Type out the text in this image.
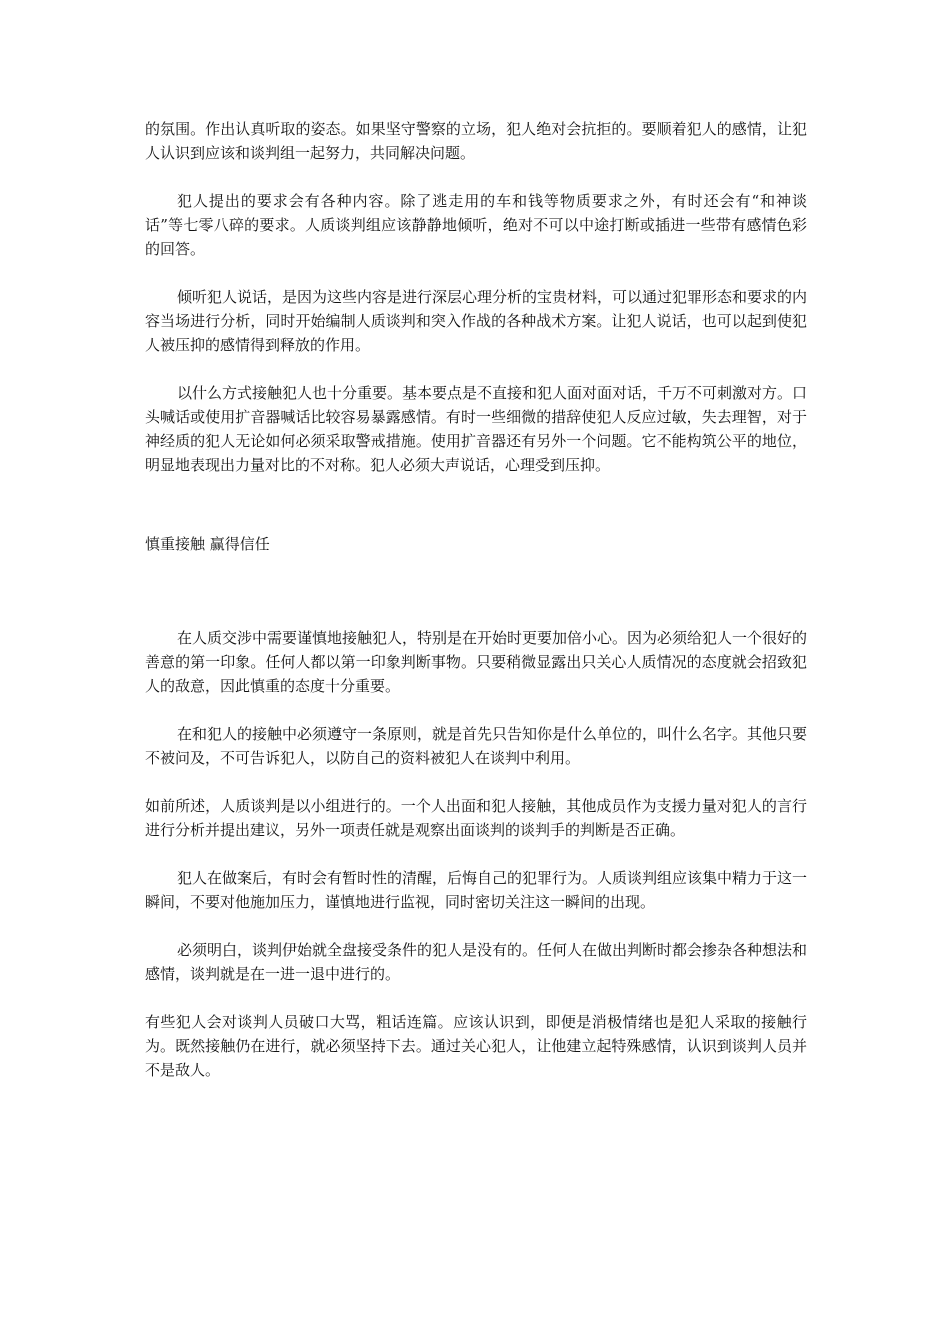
的氛围。作出认真听取的姿态。如果坚守警察的立场，犯人绝对会抗拒的。要顺着犯人的感情，让犯人认识到应该和谈判组一起努力，共同解决问题。

犯人提出的要求会有各种内容。除了逃走用的车和钱等物质要求之外，有时还会有“和神谈话”等七零八碎的要求。人质谈判组应该静静地倾听，绝对不可以中途打断或插进一些带有感情色彩的回答。

倾听犯人说话，是因为这些内容是进行深层心理分析的宝贵材料，可以通过犯罪形态和要求的内容当场进行分析，同时开始编制人质谈判和突入作战的各种战术方案。让犯人说话，也可以起到使犯人被压抑的感情得到释放的作用。

以什么方式接触犯人也十分重要。基本要点是不直接和犯人面对面对话，千万不可刺激对方。口头喊话或使用扩音器喊话比较容易暴露感情。有时一些细微的措辞使犯人反应过敏，失去理智，对于神经质的犯人无论如何必须采取警戒措施。使用扩音器还有另外一个问题。它不能构筑公平的地位，明显地表现出力量对比的不对称。犯人必须大声说话，心理受到压抑。

慎重接触 赢得信任

在人质交涉中需要谨慎地接触犯人，特别是在开始时更要加倍小心。因为必须给犯人一个很好的善意的第一印象。任何人都以第一印象判断事物。只要稍微显露出只关心人质情况的态度就会招致犯人的敌意，因此慎重的态度十分重要。

在和犯人的接触中必须遵守一条原则，就是首先只告知你是什么单位的，叫什么名字。其他只要不被问及，不可告诉犯人，以防自己的资料被犯人在谈判中利用。

如前所述，人质谈判是以小组进行的。一个人出面和犯人接触，其他成员作为支援力量对犯人的言行进行分析并提出建议，另外一项责任就是观察出面谈判的谈判手的判断是否正确。

犯人在做案后，有时会有暂时性的清醒，后悔自己的犯罪行为。人质谈判组应该集中精力于这一瞬间，不要对他施加压力，谨慎地进行监视，同时密切关注这一瞬间的出现。

必须明白，谈判伊始就全盘接受条件的犯人是没有的。任何人在做出判断时都会掺杂各种想法和感情，谈判就是在一进一退中进行的。

有些犯人会对谈判人员破口大骂，粗话连篇。应该认识到，即便是消极情绪也是犯人采取的接触行为。既然接触仍在进行，就必须坚持下去。通过关心犯人，让他建立起特殊感情，认识到谈判人员并不是敌人。
